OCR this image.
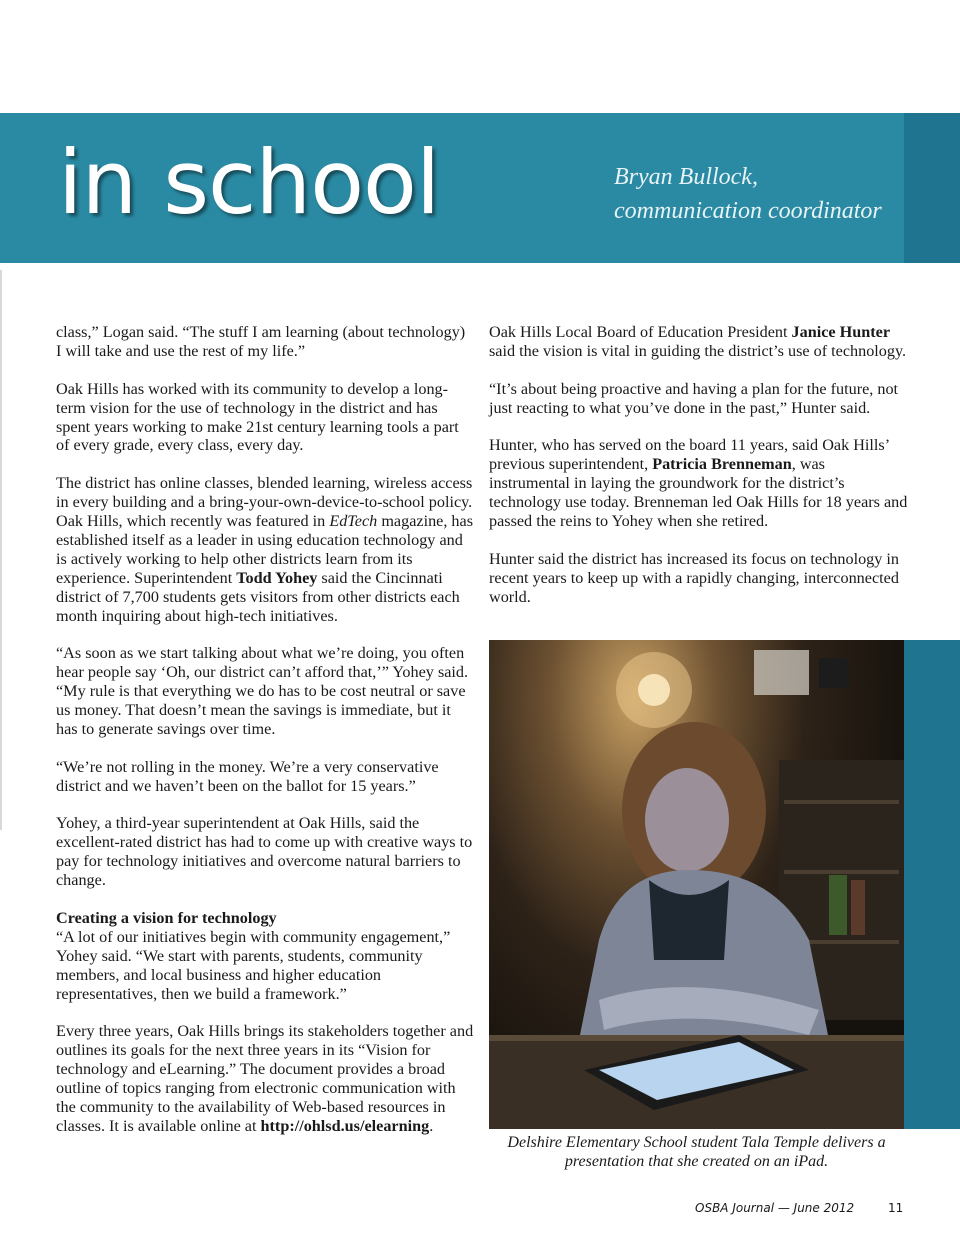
in school	Bryan Bullock,
communication coordinator

class,” Logan said. “The stuff I am learning (about technology) I will take and use the rest of my life.”

Oak Hills has worked with its community to develop a long-term vision for the use of technology in the district and has spent years working to make 21st century learning tools a part of every grade, every class, every day.

The district has online classes, blended learning, wireless access in every building and a bring-your-own-device-to-school policy. Oak Hills, which recently was featured in EdTech magazine, has established itself as a leader in using education technology and is actively working to help other districts learn from its experience. Superintendent Todd Yohey said the Cincinnati district of 7,700 students gets visitors from other districts each month inquiring about high-tech initiatives.

“As soon as we start talking about what we’re doing, you often hear people say ‘Oh, our district can’t afford that,’” Yohey said. “My rule is that everything we do has to be cost neutral or save us money. That doesn’t mean the savings is immediate, but it has to generate savings over time.

“We’re not rolling in the money. We’re a very conservative district and we haven’t been on the ballot for 15 years.”

Yohey, a third-year superintendent at Oak Hills, said the excellent-rated district has had to come up with creative ways to pay for technology initiatives and overcome natural barriers to change.

Creating a vision for technology

“A lot of our initiatives begin with community engagement,” Yohey said. “We start with parents, students, community members, and local business and higher education representatives, then we build a framework.”

Every three years, Oak Hills brings its stakeholders together and outlines its goals for the next three years in its “Vision for technology and eLearning.” The document provides a broad outline of topics ranging from electronic communication with the community to the availability of Web-based resources in classes. It is available online at http://ohlsd.us/elearning.

Oak Hills Local Board of Education President Janice Hunter said the vision is vital in guiding the district’s use of technology.

“It’s about being proactive and having a plan for the future, not just reacting to what you’ve done in the past,” Hunter said.

Hunter, who has served on the board 11 years, said Oak Hills’ previous superintendent, Patricia Brenneman, was instrumental in laying the groundwork for the district’s technology use today. Brenneman led Oak Hills for 18 years and passed the reins to Yohey when she retired.

Hunter said the district has increased its focus on technology in recent years to keep up with a rapidly changing, interconnected world.

Delshire Elementary School student Tala Temple delivers a presentation that she created on an iPad.
OSBA Journal — June 2012	11
